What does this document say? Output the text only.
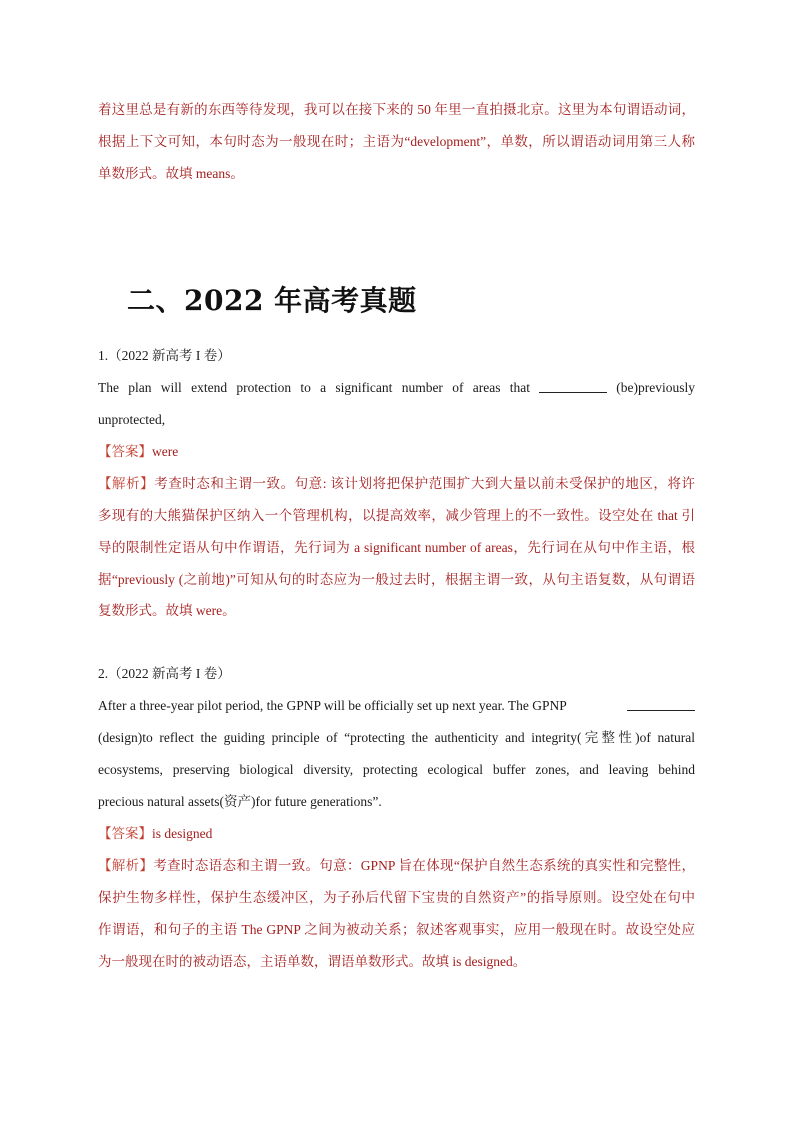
着这里总是有新的东西等待发现，我可以在接下来的 50 年里一直拍摄北京。这里为本句谓语动词，
根据上下文可知，本句时态为一般现在时；主语为“development”，单数，所以谓语动词用第三人称
单数形式。故填 means。
二、2022 年高考真题
1.（2022 新高考 I 卷）
The plan will extend protection to a significant number of areas that	(be)previously
unprotected,
【答案】were
【解析】考查时态和主谓一致。句意: 该计划将把保护范围扩大到大量以前未受保护的地区，将许
多现有的大熊猫保护区纳入一个管理机构，以提高效率，减少管理上的不一致性。设空处在 that 引
导的限制性定语从句中作谓语，先行词为 a significant number of areas，先行词在从句中作主语，根
据“previously (之前地)”可知从句的时态应为一般过去时，根据主谓一致，从句主语复数，从句谓语
复数形式。故填 were。
2.（2022 新高考 I 卷）
After a three-year pilot period, the GPNP will be officially set up next year. The GPNP
(design)to reflect the guiding principle of “protecting the authenticity and integrity(完整性)of natural
ecosystems, preserving biological diversity, protecting ecological buffer zones, and leaving behind
precious natural assets(资产)for future generations”.
【答案】is designed
【解析】考查时态语态和主谓一致。句意：GPNP 旨在体现“保护自然生态系统的真实性和完整性，
保护生物多样性，保护生态缓冲区，为子孙后代留下宝贵的自然资产”的指导原则。设空处在句中
作谓语，和句子的主语 The GPNP 之间为被动关系；叙述客观事实，应用一般现在时。故设空处应
为一般现在时的被动语态，主语单数，谓语单数形式。故填 is designed。
